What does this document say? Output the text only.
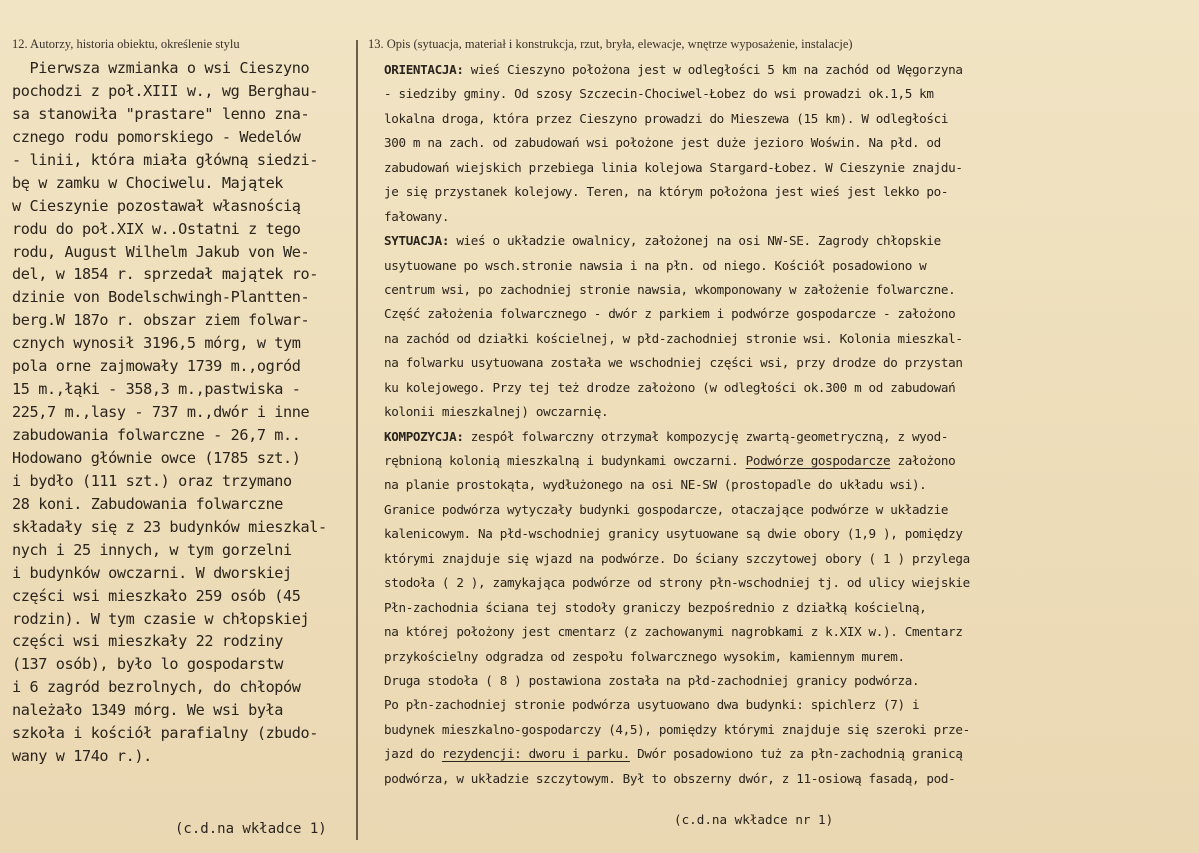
12. Autorzy, historia obiektu, określenie stylu	13. Opis (sytuacja, materiał i konstrukcja, rzut, bryła, elewacje, wnętrze wyposażenie, instalacje)
Pierwsza wzmianka o wsi Cieszyno
pochodzi z poł.XIII w., wg Berghau-
sa stanowiła "prastare" lenno zna-
cznego rodu pomorskiego - Wedelów
- linii, która miała główną siedzi-
bę w zamku w Chociwelu. Majątek
w Cieszynie pozostawał własnością
rodu do poł.XIX w..Ostatni z tego
rodu, August Wilhelm Jakub von We-
del, w 1854 r. sprzedał majątek ro-
dzinie von Bodelschwingh-Plantten-
berg.W 187o r. obszar ziem folwar-
cznych wynosił 3196,5 mórg, w tym
pola orne zajmowały 1739 m.,ogród
15 m.,łąki - 358,3 m.,pastwiska -
225,7 m.,lasy - 737 m.,dwór i inne
zabudowania folwarczne - 26,7 m..
Hodowano głównie owce (1785 szt.)
i bydło (111 szt.) oraz trzymano
28 koni. Zabudowania folwarczne
składały się z 23 budynków mieszkal-
nych i 25 innych, w tym gorzelni
i budynków owczarni. W dworskiej
części wsi mieszkało 259 osób (45
rodzin). W tym czasie w chłopskiej
części wsi mieszkały 22 rodziny
(137 osób), było lo gospodarstw
i 6 zagród bezrolnych, do chłopów
należało 1349 mórg. We wsi była
szkoła i kościół parafialny (zbudo-
wany w 174o r.).
(c.d.na wkładce 1)
ORIENTACJA: wieś Cieszyno położona jest w odległości 5 km na zachód od Węgorzyna
- siedziby gminy. Od szosy Szczecin-Chociwel-Łobez do wsi prowadzi ok.1,5 km
lokalna droga, która przez Cieszyno prowadzi do Mieszewa (15 km). W odległości
300 m na zach. od zabudowań wsi położone jest duże jezioro Woświn. Na płd. od
zabudowań wiejskich przebiega linia kolejowa Stargard-Łobez. W Cieszynie znajdu-
je się przystanek kolejowy. Teren, na którym położona jest wieś jest lekko po-
fałowany.
SYTUACJA: wieś o układzie owalnicy, założonej na osi NW-SE. Zagrody chłopskie
usytuowane po wsch.stronie nawsia i na płn. od niego. Kościół posadowiono w
centrum wsi, po zachodniej stronie nawsia, wkomponowany w założenie folwarczne.
Część założenia folwarcznego - dwór z parkiem i podwórze gospodarcze - założono
na zachód od działki kościelnej, w płd-zachodniej stronie wsi. Kolonia mieszkal-
na folwarku usytuowana została we wschodniej części wsi, przy drodze do przystan
ku kolejowego. Przy tej też drodze założono (w odległości ok.300 m od zabudowań
kolonii mieszkalnej) owczarnię.
KOMPOZYCJA: zespół folwarczny otrzymał kompozycję zwartą-geometryczną, z wyod-
rębnioną kolonią mieszkalną i budynkami owczarni. Podwórze gospodarcze założono
na planie prostokąta, wydłużonego na osi NE-SW (prostopadle do układu wsi).
Granice podwórza wytyczały budynki gospodarcze, otaczające podwórze w układzie
kalenicowym. Na płd-wschodniej granicy usytuowane są dwie obory (1,9 ), pomiędzy
którymi znajduje się wjazd na podwórze. Do ściany szczytowej obory ( 1 ) przylega
stodoła ( 2 ), zamykająca podwórze od strony płn-wschodniej tj. od ulicy wiejskie
Płn-zachodnia ściana tej stodoły graniczy bezpośrednio z działką kościelną,
na której położony jest cmentarz (z zachowanymi nagrobkami z k.XIX w.). Cmentarz
przykościelny odgradza od zespołu folwarcznego wysokim, kamiennym murem.
Druga stodoła ( 8 ) postawiona została na płd-zachodniej granicy podwórza.
Po płn-zachodniej stronie podwórza usytuowano dwa budynki: spichlerz (7) i
budynek mieszkalno-gospodarczy (4,5), pomiędzy którymi znajduje się szeroki prze-
jazd do rezydencji: dworu i parku. Dwór posadowiono tuż za płn-zachodnią granicą
podwórza, w układzie szczytowym. Był to obszerny dwór, z 11-osiową fasadą, pod-
(c.d.na wkładce nr 1)
